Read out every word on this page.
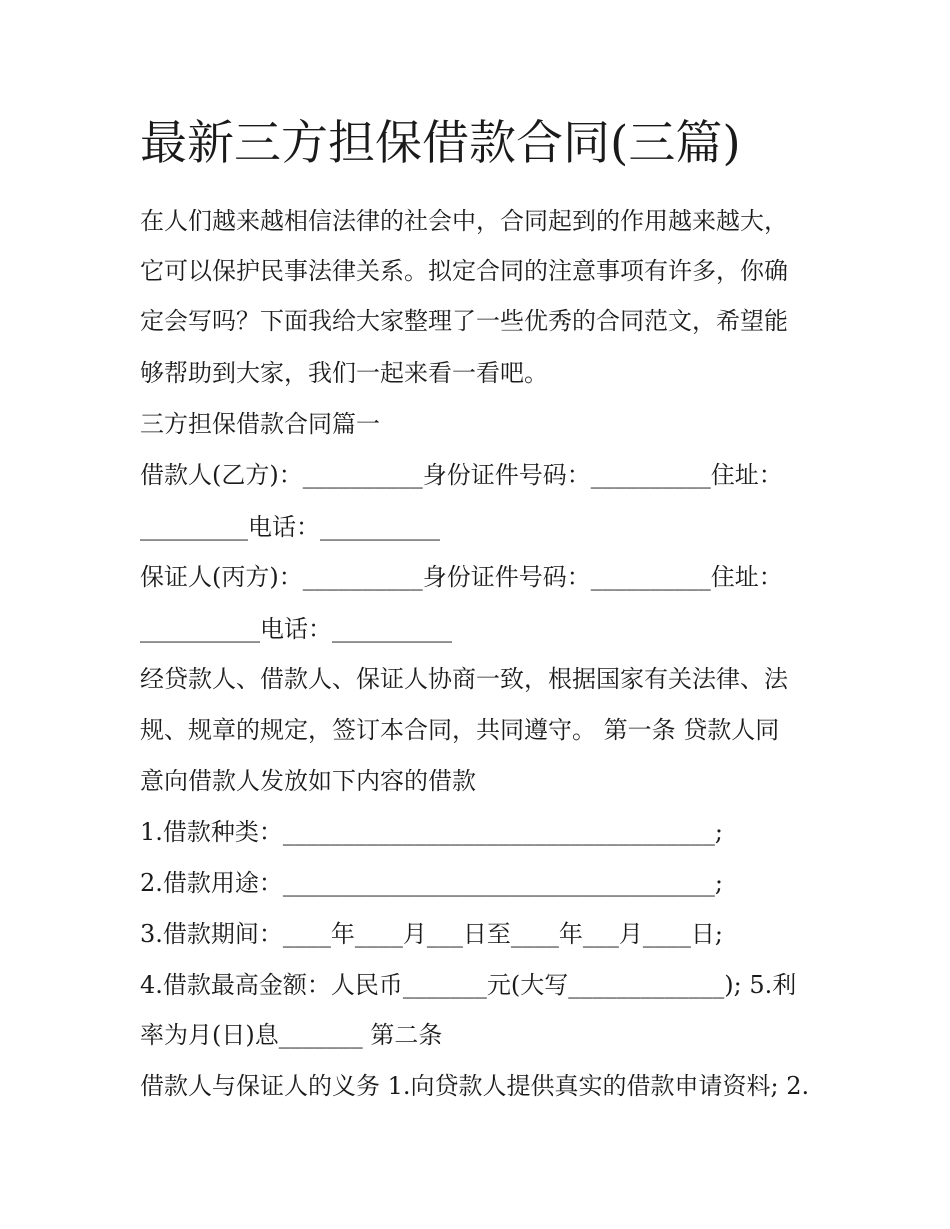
最新三方担保借款合同(三篇)
在人们越来越相信法律的社会中，合同起到的作用越来越大，
它可以保护民事法律关系。拟定合同的注意事项有许多，你确
定会写吗？下面我给大家整理了一些优秀的合同范文，希望能
够帮助到大家，我们一起来看一看吧。
三方担保借款合同篇一
借款人(乙方)：__________身份证件号码：__________住址：
_________电话：__________
保证人(丙方)：__________身份证件号码：__________住址：
__________电话：__________
经贷款人、借款人、保证人协商一致，根据国家有关法律、法
规、规章的规定，签订本合同，共同遵守。 第一条 贷款人同
意向借款人发放如下内容的借款
1.借款种类：____________________________________;
2.借款用途：____________________________________;
3.借款期间：____年____月___日至____年___月____日;
4.借款最高金额：人民币_______元(大写_____________); 5.利
率为月(日)息_______ 第二条
借款人与保证人的义务 1.向贷款人提供真实的借款申请资料; 2.
